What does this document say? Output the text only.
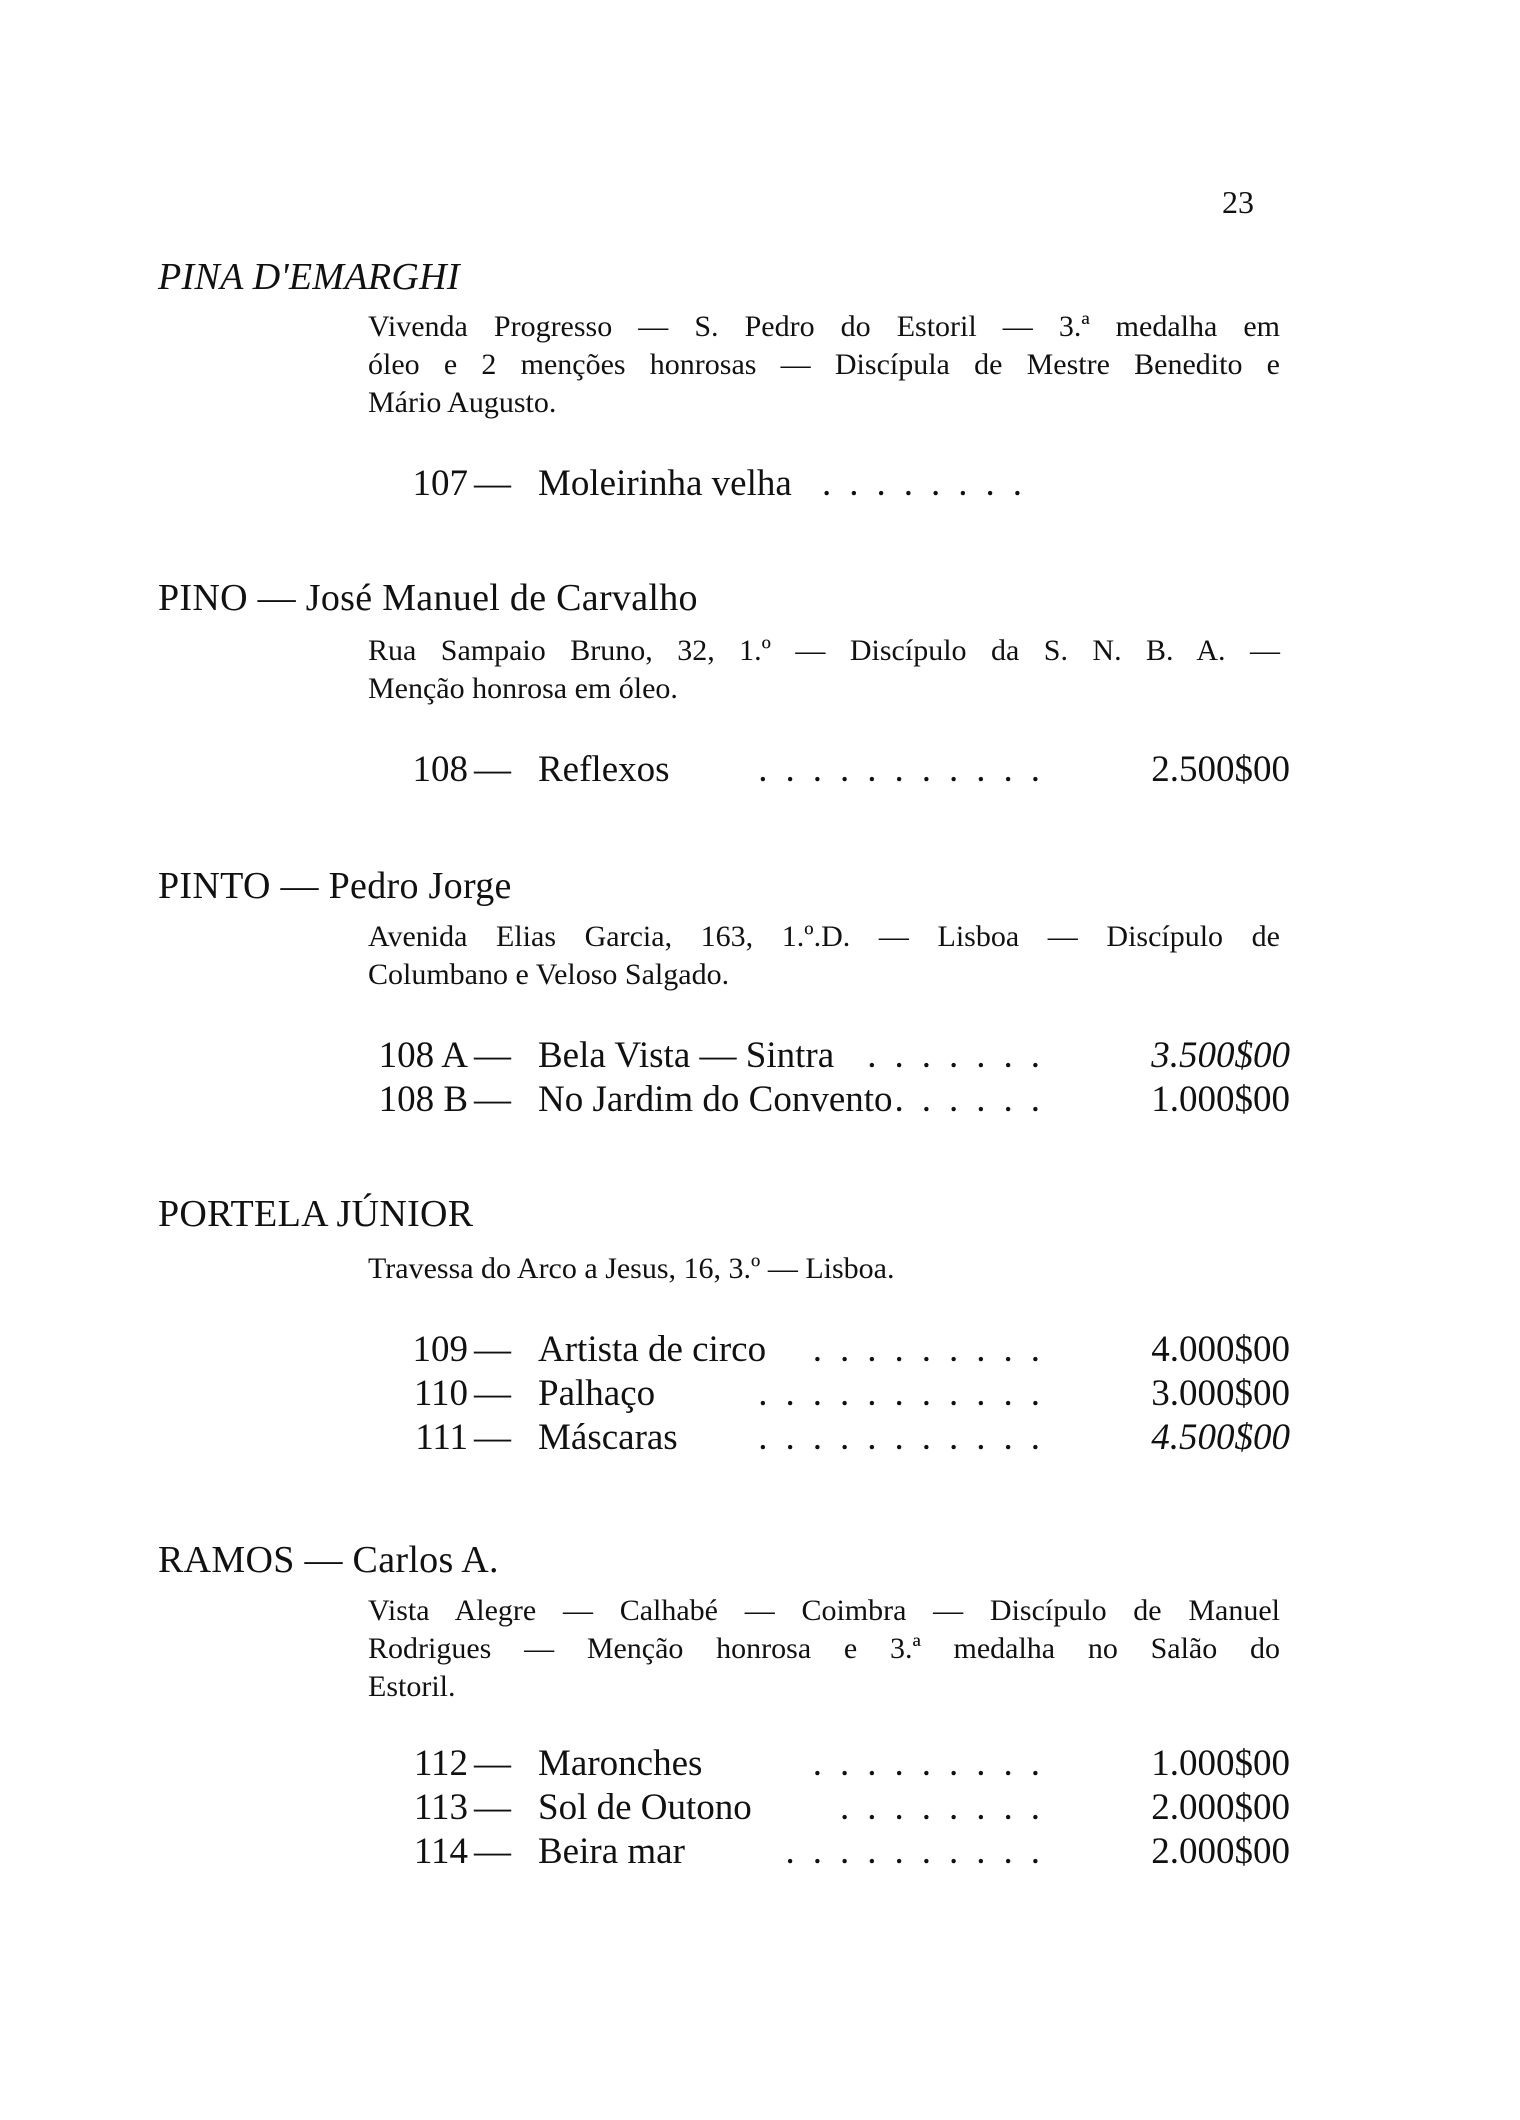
23
PINA D'EMARGHI
Vivenda Progresso — S. Pedro do Estoril — 3.ª medalha em
óleo e 2 menções honrosas — Discípula de Mestre Benedito e
Mário Augusto.
107 — Moleirinha velha ........
PINO — José Manuel de Carvalho
Rua Sampaio Bruno, 32, 1.º — Discípulo da S. N. B. A. —
Menção honrosa em óleo.
108 — Reflexos ...........	2.500$00
PINTO — Pedro Jorge
Avenida Elias Garcia, 163, 1.º.D. — Lisboa — Discípulo de
Columbano e Veloso Salgado.
108 A — Bela Vista — Sintra .......	3.500$00
108 B — No Jardim do Convento ......	1.000$00
PORTELA JÚNIOR
Travessa do Arco a Jesus, 16, 3.º — Lisboa.
109 — Artista de circo .........	4.000$00
110 — Palhaço	...........	3.000$00
111 — Máscaras ...........	4.500$00
RAMOS — Carlos A.
Vista Alegre — Calhabé — Coimbra — Discípulo de Manuel
Rodrigues — Menção honrosa e 3.ª medalha no Salão do
Estoril.
112 — Maronches	.........	1.000$00
113 — Sol de Outono ........	2.000$00
114 — Beira mar	..........	2.000$00
